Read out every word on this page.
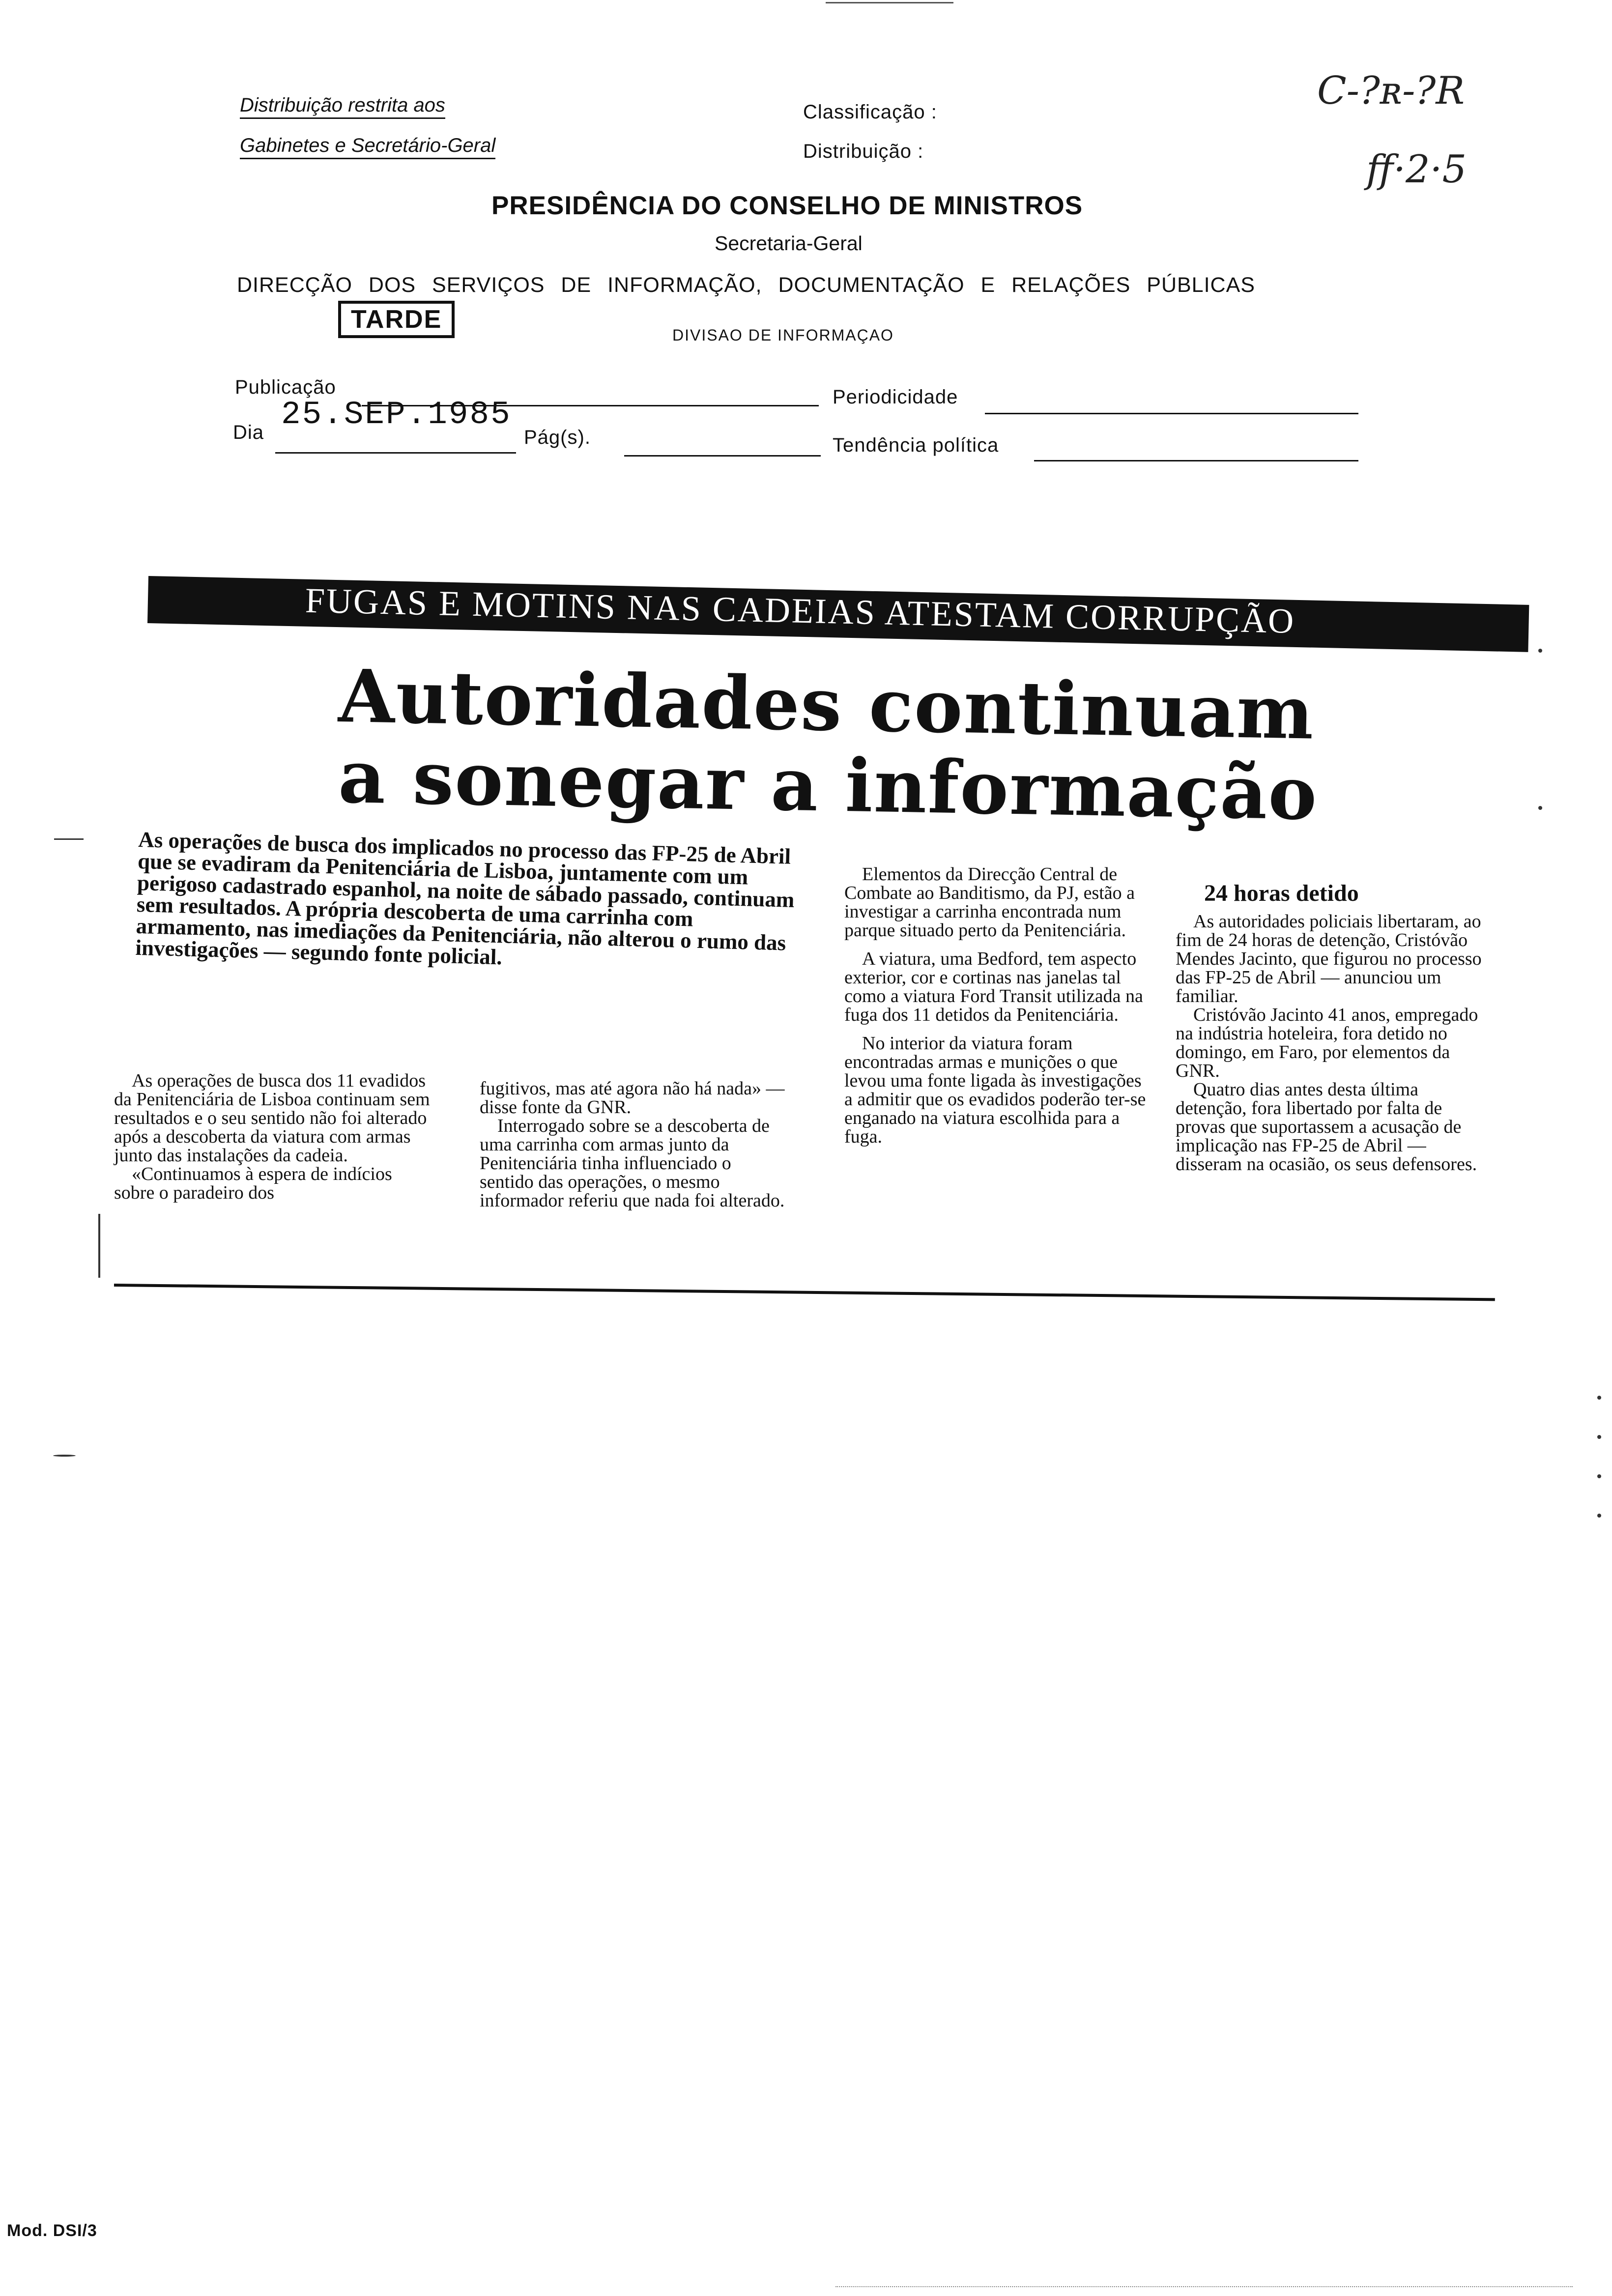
Distribuição restrita aos
Gabinetes e Secretário-Geral
Classificação :
Distribuição :
C-?ʀ-?R
ff·2·5
PRESIDÊNCIA DO CONSELHO DE MINISTROS
Secretaria-Geral
DIRECÇÃO DOS SERVIÇOS DE INFORMAÇÃO, DOCUMENTAÇÃO E RELAÇÕES PÚBLICAS
TARDE
DIVISAO DE INFORMAÇAO
Publicação
25.SEP.1985	Periodicidade
Dia	Pág(s).	Tendência política
FUGAS E MOTINS NAS CADEIAS ATESTAM CORRUPÇÃO
Autoridades continuam
a sonegar a informação
As operações de busca dos implicados no processo das FP-25 de Abril que se evadiram da Penitenciária de Lisboa, juntamente com um perigoso cadastrado espanhol, na noite de sábado passado, continuam sem resultados. A própria descoberta de uma carrinha com armamento, nas imediações da Penitenciária, não alterou o rumo das investigações — segundo fonte policial.

As operações de busca dos 11 evadidos da Penitenciária de Lisboa continuam sem resultados e o seu sentido não foi alterado após a descoberta da viatura com armas junto das instalações da cadeia.

«Continuamos à espera de indícios sobre o paradeiro dos

fugitivos, mas até agora não há nada» — disse fonte da GNR.

Interrogado sobre se a descoberta de uma carrinha com armas junto da Penitenciária tinha influenciado o sentido das operações, o mesmo informador referiu que nada foi alterado.

Elementos da Direcção Central de Combate ao Banditismo, da PJ, estão a investigar a carrinha encontrada num parque situado perto da Penitenciária.

A viatura, uma Bedford, tem aspecto exterior, cor e cortinas nas janelas tal como a viatura Ford Transit utilizada na fuga dos 11 detidos da Penitenciária.

No interior da viatura foram encontradas armas e munições o que levou uma fonte ligada às investigações a admitir que os evadidos poderão ter-se enganado na viatura escolhida para a fuga.

24 horas detido

As autoridades policiais libertaram, ao fim de 24 horas de detenção, Cristóvão Mendes Jacinto, que figurou no processo das FP-25 de Abril — anunciou um familiar.

Cristóvão Jacinto 41 anos, empregado na indústria hoteleira, fora detido no domingo, em Faro, por elementos da GNR.

Quatro dias antes desta última detenção, fora libertado por falta de provas que suportassem a acusação de implicação nas FP-25 de Abril — disseram na ocasião, os seus defensores.

Mod. DSI/3
